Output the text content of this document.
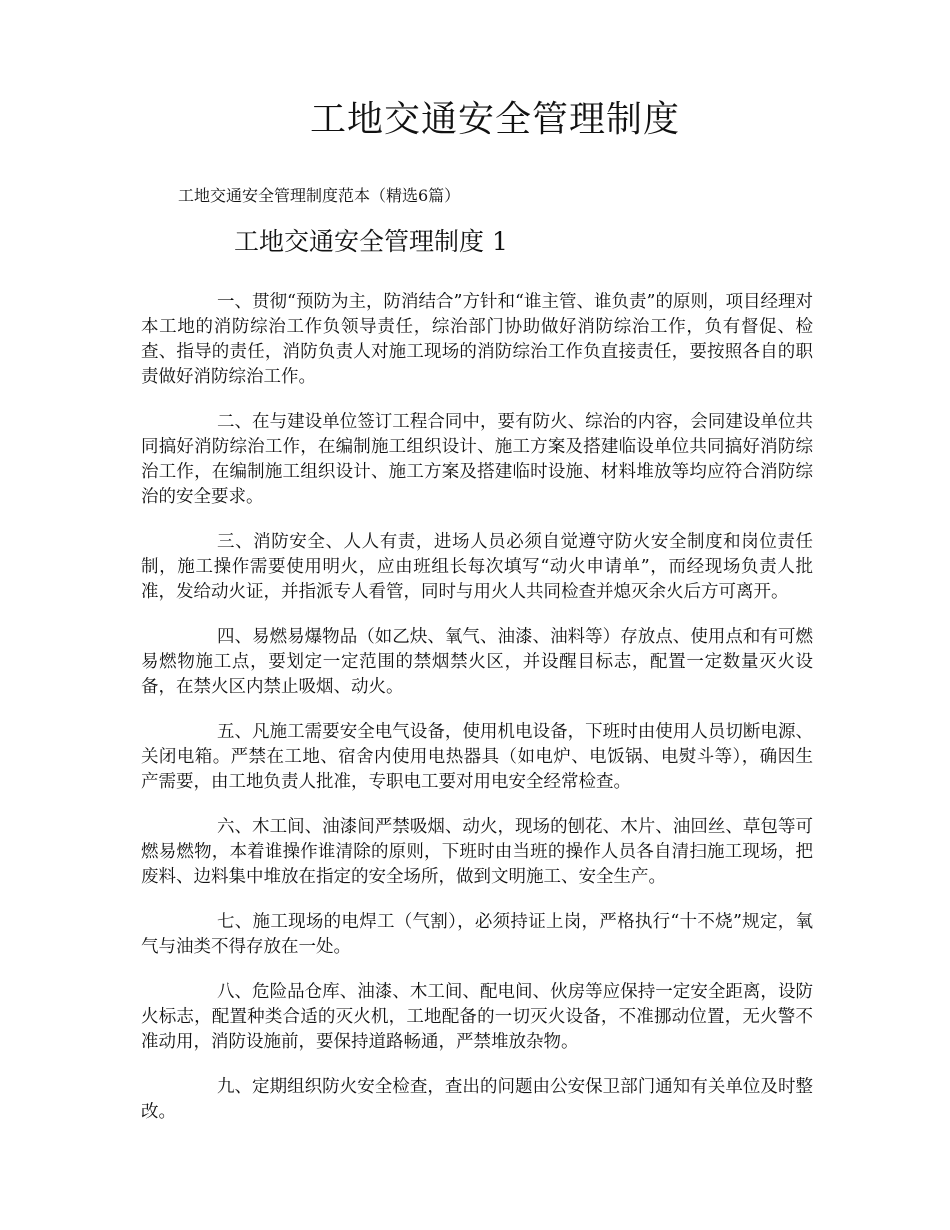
工地交通安全管理制度

工地交通安全管理制度范本（精选6篇）

工地交通安全管理制度 1

一、贯彻“预防为主，防消结合”方针和“谁主管、谁负责”的原则，项目经理对本工地的消防综治工作负领导责任，综治部门协助做好消防综治工作，负有督促、检查、指导的责任，消防负责人对施工现场的消防综治工作负直接责任，要按照各自的职责做好消防综治工作。

二、在与建设单位签订工程合同中，要有防火、综治的内容，会同建设单位共同搞好消防综治工作，在编制施工组织设计、施工方案及搭建临设单位共同搞好消防综治工作，在编制施工组织设计、施工方案及搭建临时设施、材料堆放等均应符合消防综治的安全要求。

三、消防安全、人人有责，进场人员必须自觉遵守防火安全制度和岗位责任制，施工操作需要使用明火，应由班组长每次填写“动火申请单”，而经现场负责人批准，发给动火证，并指派专人看管，同时与用火人共同检查并熄灭余火后方可离开。

四、易燃易爆物品（如乙炔、氧气、油漆、油料等）存放点、使用点和有可燃易燃物施工点，要划定一定范围的禁烟禁火区，并设醒目标志，配置一定数量灭火设备，在禁火区内禁止吸烟、动火。

五、凡施工需要安全电气设备，使用机电设备，下班时由使用人员切断电源、关闭电箱。严禁在工地、宿舍内使用电热器具（如电炉、电饭锅、电熨斗等），确因生产需要，由工地负责人批准，专职电工要对用电安全经常检查。

六、木工间、油漆间严禁吸烟、动火，现场的刨花、木片、油回丝、草包等可燃易燃物，本着谁操作谁清除的原则，下班时由当班的操作人员各自清扫施工现场，把废料、边料集中堆放在指定的安全场所，做到文明施工、安全生产。

七、施工现场的电焊工（气割），必须持证上岗，严格执行“十不烧”规定，氧气与油类不得存放在一处。

八、危险品仓库、油漆、木工间、配电间、伙房等应保持一定安全距离，设防火标志，配置种类合适的灭火机，工地配备的一切灭火设备，不准挪动位置，无火警不准动用，消防设施前，要保持道路畅通，严禁堆放杂物。

九、定期组织防火安全检查，查出的问题由公安保卫部门通知有关单位及时整改。
